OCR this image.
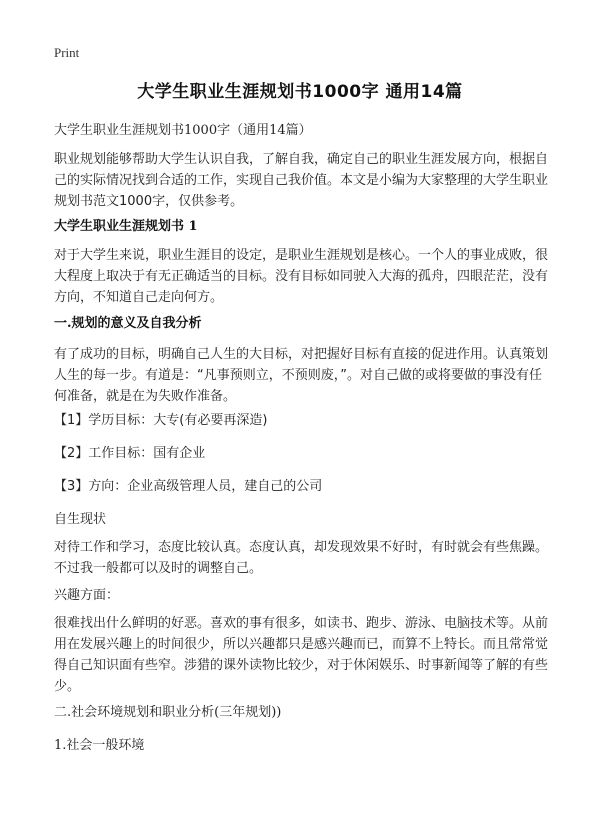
Print
大学生职业生涯规划书1000字 通用14篇
大学生职业生涯规划书1000字（通用14篇）
职业规划能够帮助大学生认识自我，了解自我，确定自己的职业生涯发展方向，根据自己的实际情况找到合适的工作，实现自己我价值。本文是小编为大家整理的大学生职业规划书范文1000字，仅供参考。
大学生职业生涯规划书 1
对于大学生来说，职业生涯目的设定，是职业生涯规划是核心。一个人的事业成败，很大程度上取决于有无正确适当的目标。没有目标如同驶入大海的孤舟，四眼茫茫，没有方向，不知道自己走向何方。
一.规划的意义及自我分析
有了成功的目标，明确自己人生的大目标，对把握好目标有直接的促进作用。认真策划人生的每一步。有道是：“凡事预则立，不预则废，”。对自己做的或将要做的事没有任何准备，就是在为失败作准备。
【1】学历目标：大专(有必要再深造)
【2】工作目标：国有企业
【3】方向：企业高级管理人员，建自己的公司
自生现状
对待工作和学习，态度比较认真。态度认真，却发现效果不好时，有时就会有些焦躁。不过我一般都可以及时的调整自己。
兴趣方面：
很难找出什么鲜明的好恶。喜欢的事有很多，如读书、跑步、游泳、电脑技术等。从前用在发展兴趣上的时间很少，所以兴趣都只是感兴趣而已，而算不上特长。而且常常觉得自己知识面有些窄。涉猎的课外读物比较少，对于休闲娱乐、时事新闻等了解的有些少。
二.社会环境规划和职业分析(三年规划))
1.社会一般环境
